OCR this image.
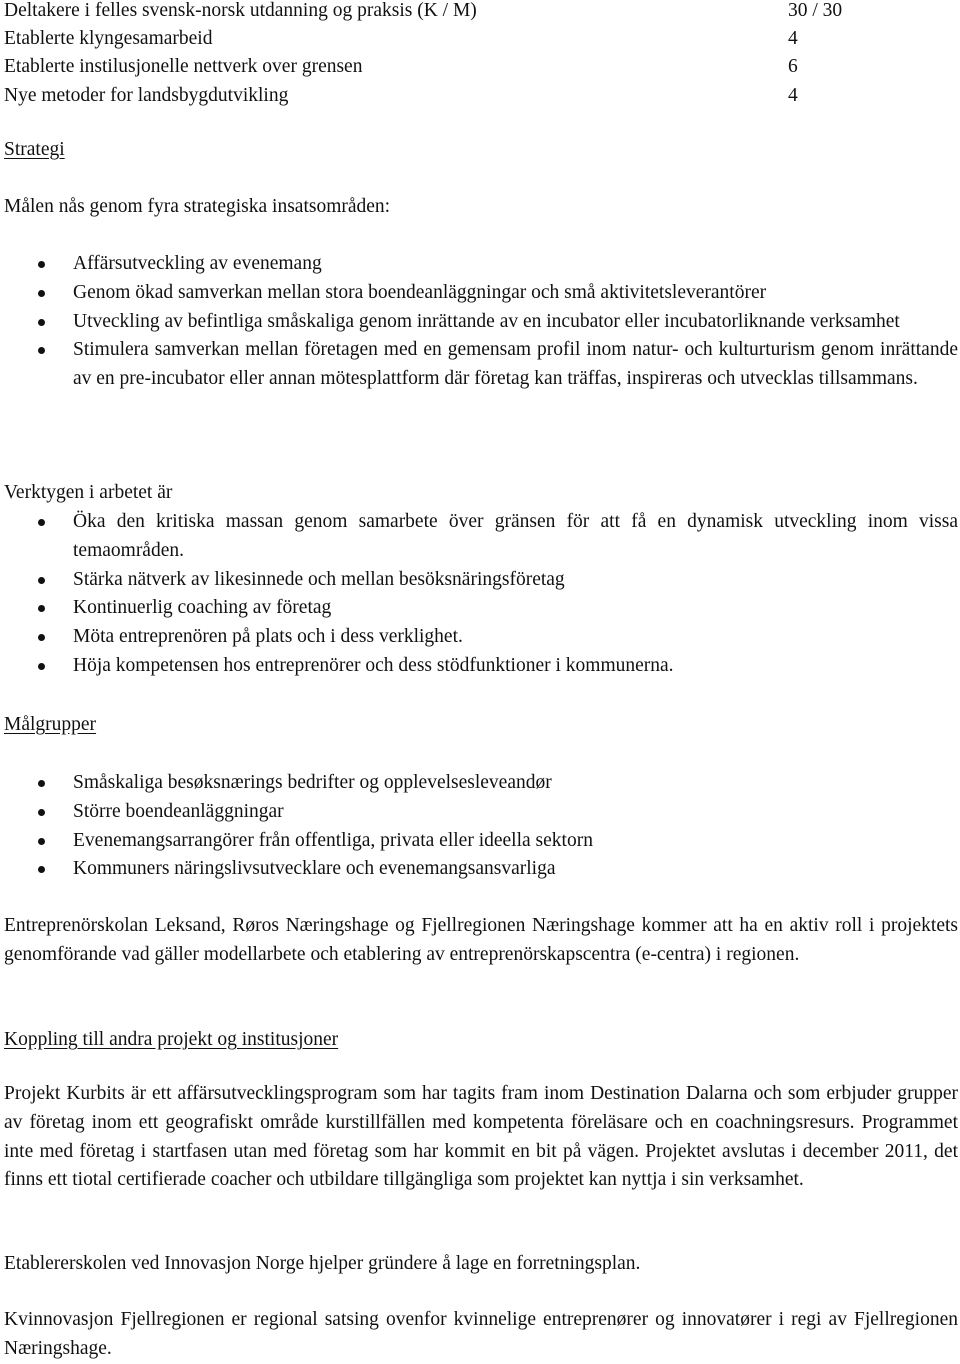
Deltakere i felles svensk-norsk utdanning og praksis (K / M)	30 / 30
Etablerte klyngesamarbeid	4
Etablerte instilusjonelle nettverk over grensen	6
Nye metoder for landsbygdutvikling	4
Strategi
Målen nås genom fyra strategiska insatsområden:
Affärsutveckling av evenemang
Genom ökad samverkan mellan stora boendeanläggningar och små aktivitetsleverantörer
Utveckling av befintliga småskaliga genom inrättande av en incubator eller incubatorliknande verksamhet
Stimulera samverkan mellan företagen med en gemensam profil inom natur- och kulturturism genom inrättande av en pre-incubator eller annan mötesplattform där företag kan träffas, inspireras och utvecklas tillsammans.
Verktygen i arbetet är
Öka den kritiska massan genom samarbete över gränsen för att få en dynamisk utveckling inom vissa temaområden.
Stärka nätverk av likesinnede och mellan besöksnäringsföretag
Kontinuerlig coaching av företag
Möta entreprenören på plats och i dess verklighet.
Höja kompetensen hos entreprenörer och dess stödfunktioner i kommunerna.
Målgrupper
Småskaliga besøksnærings bedrifter og opplevelsesleveandør
Större boendeanläggningar
Evenemangsarrangörer från offentliga, privata eller ideella sektorn
Kommuners näringslivsutvecklare och evenemangsansvarliga
Entreprenörskolan Leksand, Røros Næringshage og Fjellregionen Næringshage kommer att ha en aktiv roll i projektets genomförande vad gäller modellarbete och etablering av entreprenörskapscentra (e-centra) i regionen.
Koppling till andra projekt og institusjoner
Projekt Kurbits är ett affärsutvecklingsprogram som har tagits fram inom Destination Dalarna och som erbjuder grupper av företag inom ett geografiskt område kurstillfällen med kompetenta föreläsare och en coachningsresurs. Programmet inte med företag i startfasen utan med företag som har kommit en bit på vägen. Projektet avslutas i december 2011, det finns ett tiotal certifierade coacher och utbildare tillgängliga som projektet kan nyttja i sin verksamhet.
Etablererskolen ved Innovasjon Norge hjelper gründere å lage en forretningsplan.
Kvinnovasjon Fjellregionen er regional satsing ovenfor kvinnelige entreprenører og innovatører i regi av Fjellregionen Næringshage.
